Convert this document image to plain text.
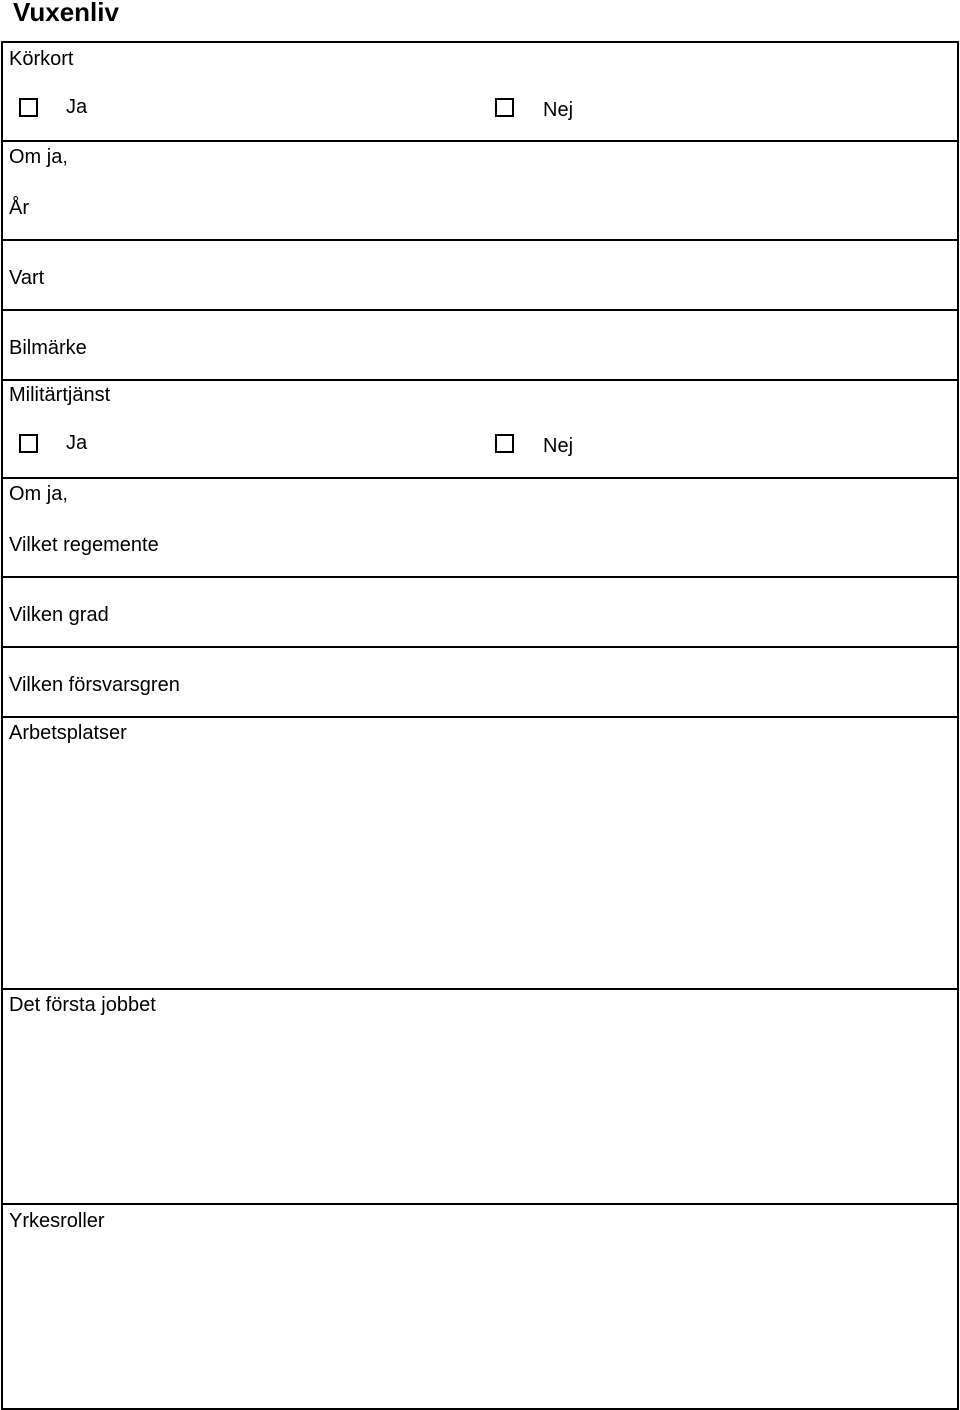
Vuxenliv
Körkort
Ja	Nej
Om ja,
År
Vart
Bilmärke
Militärtjänst
Ja	Nej
Om ja,
Vilket regemente
Vilken grad
Vilken försvarsgren
Arbetsplatser
Det första jobbet
Yrkesroller
